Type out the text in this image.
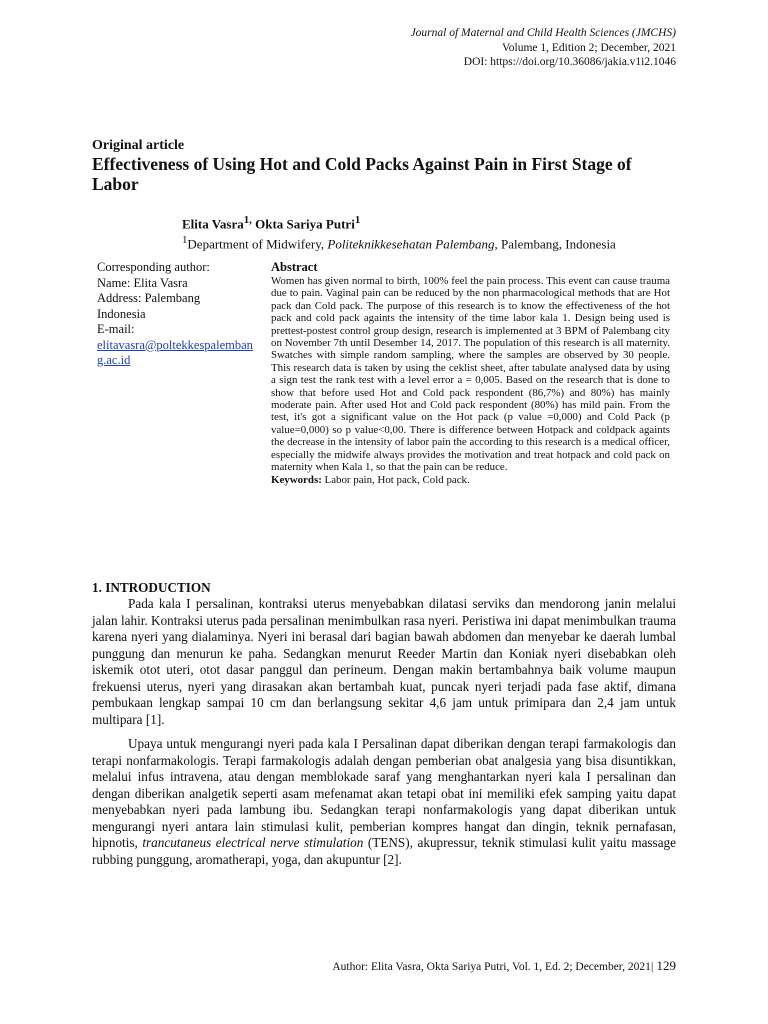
Journal of Maternal and Child Health Sciences (JMCHS)
Volume 1, Edition 2; December, 2021
DOI: https://doi.org/10.36086/jakia.v1i2.1046
Original article
Effectiveness of Using Hot and Cold Packs Against Pain in First Stage of Labor
Elita Vasra$^{1,}$ Okta Sariya Putri$^1$
$^1$Department of Midwifery, Politeknikkesehatan Palembang, Palembang, Indonesia
Corresponding author:
Name: Elita Vasra
Address: Palembang
Indonesia
E-mail:
elitavasra@poltekkespalembang.ac.id
Abstract
Women has given normal to birth, 100% feel the pain process. This event can cause trauma due to pain. Vaginal pain can be reduced by the non pharmacological methods that are Hot pack dan Cold pack. The purpose of this research is to know the effectiveness of the hot pack and cold pack againts the intensity of the time labor kala 1. Design being used is prettest-postest control group design, research is implemented at 3 BPM of Palembang city on November 7th until Desember 14, 2017. The population of this research is all maternity. Swatches with simple random sampling, where the samples are observed by 30 people. This research data is taken by using the ceklist sheet, after tabulate analysed data by using a sign test the rank test with a level error a = 0,005. Based on the research that is done to show that before used Hot and Cold pack respondent (86,7%) and 80%) has mainly moderate pain. After used Hot and Cold pack respondent (80%) has mild pain. From the test, it's got a significant value on the Hot pack (p value =0,000) and Cold Pack (p value=0,000) so p value<0,00. There is difference between Hotpack and coldpack againts the decrease in the intensity of labor pain the according to this research is a medical officer, especially the midwife always provides the motivation and treat hotpack and cold pack on maternity when Kala 1, so that the pain can be reduce.
Keywords: Labor pain, Hot pack, Cold pack.
1. INTRODUCTION

Pada kala I persalinan, kontraksi uterus menyebabkan dilatasi serviks dan mendorong janin melalui jalan lahir. Kontraksi uterus pada persalinan menimbulkan rasa nyeri. Peristiwa ini dapat menimbulkan trauma karena nyeri yang dialaminya. Nyeri ini berasal dari bagian bawah abdomen dan menyebar ke daerah lumbal punggung dan menurun ke paha. Sedangkan menurut Reeder Martin dan Koniak nyeri disebabkan oleh iskemik otot uteri, otot dasar panggul dan perineum. Dengan makin bertambahnya baik volume maupun frekuensi uterus, nyeri yang dirasakan akan bertambah kuat, puncak nyeri terjadi pada fase aktif, dimana pembukaan lengkap sampai 10 cm dan berlangsung sekitar 4,6 jam untuk primipara dan 2,4 jam untuk multipara [1].

Upaya untuk mengurangi nyeri pada kala I Persalinan dapat diberikan dengan terapi farmakologis dan terapi nonfarmakologis. Terapi farmakologis adalah dengan pemberian obat analgesia yang bisa disuntikkan, melalui infus intravena, atau dengan memblokade saraf yang menghantarkan nyeri kala I persalinan dan dengan diberikan analgetik seperti asam mefenamat akan tetapi obat ini memiliki efek samping yaitu dapat menyebabkan nyeri pada lambung ibu. Sedangkan terapi nonfarmakologis yang dapat diberikan untuk mengurangi nyeri antara lain stimulasi kulit, pemberian kompres hangat dan dingin, teknik pernafasan, hipnotis, trancutaneus electrical nerve stimulation (TENS), akupressur, teknik stimulasi kulit yaitu massage rubbing punggung, aromatherapi, yoga, dan akupuntur [2].

Author: Elita Vasra, Okta Sariya Putri, Vol. 1, Ed. 2; December, 2021| 129
